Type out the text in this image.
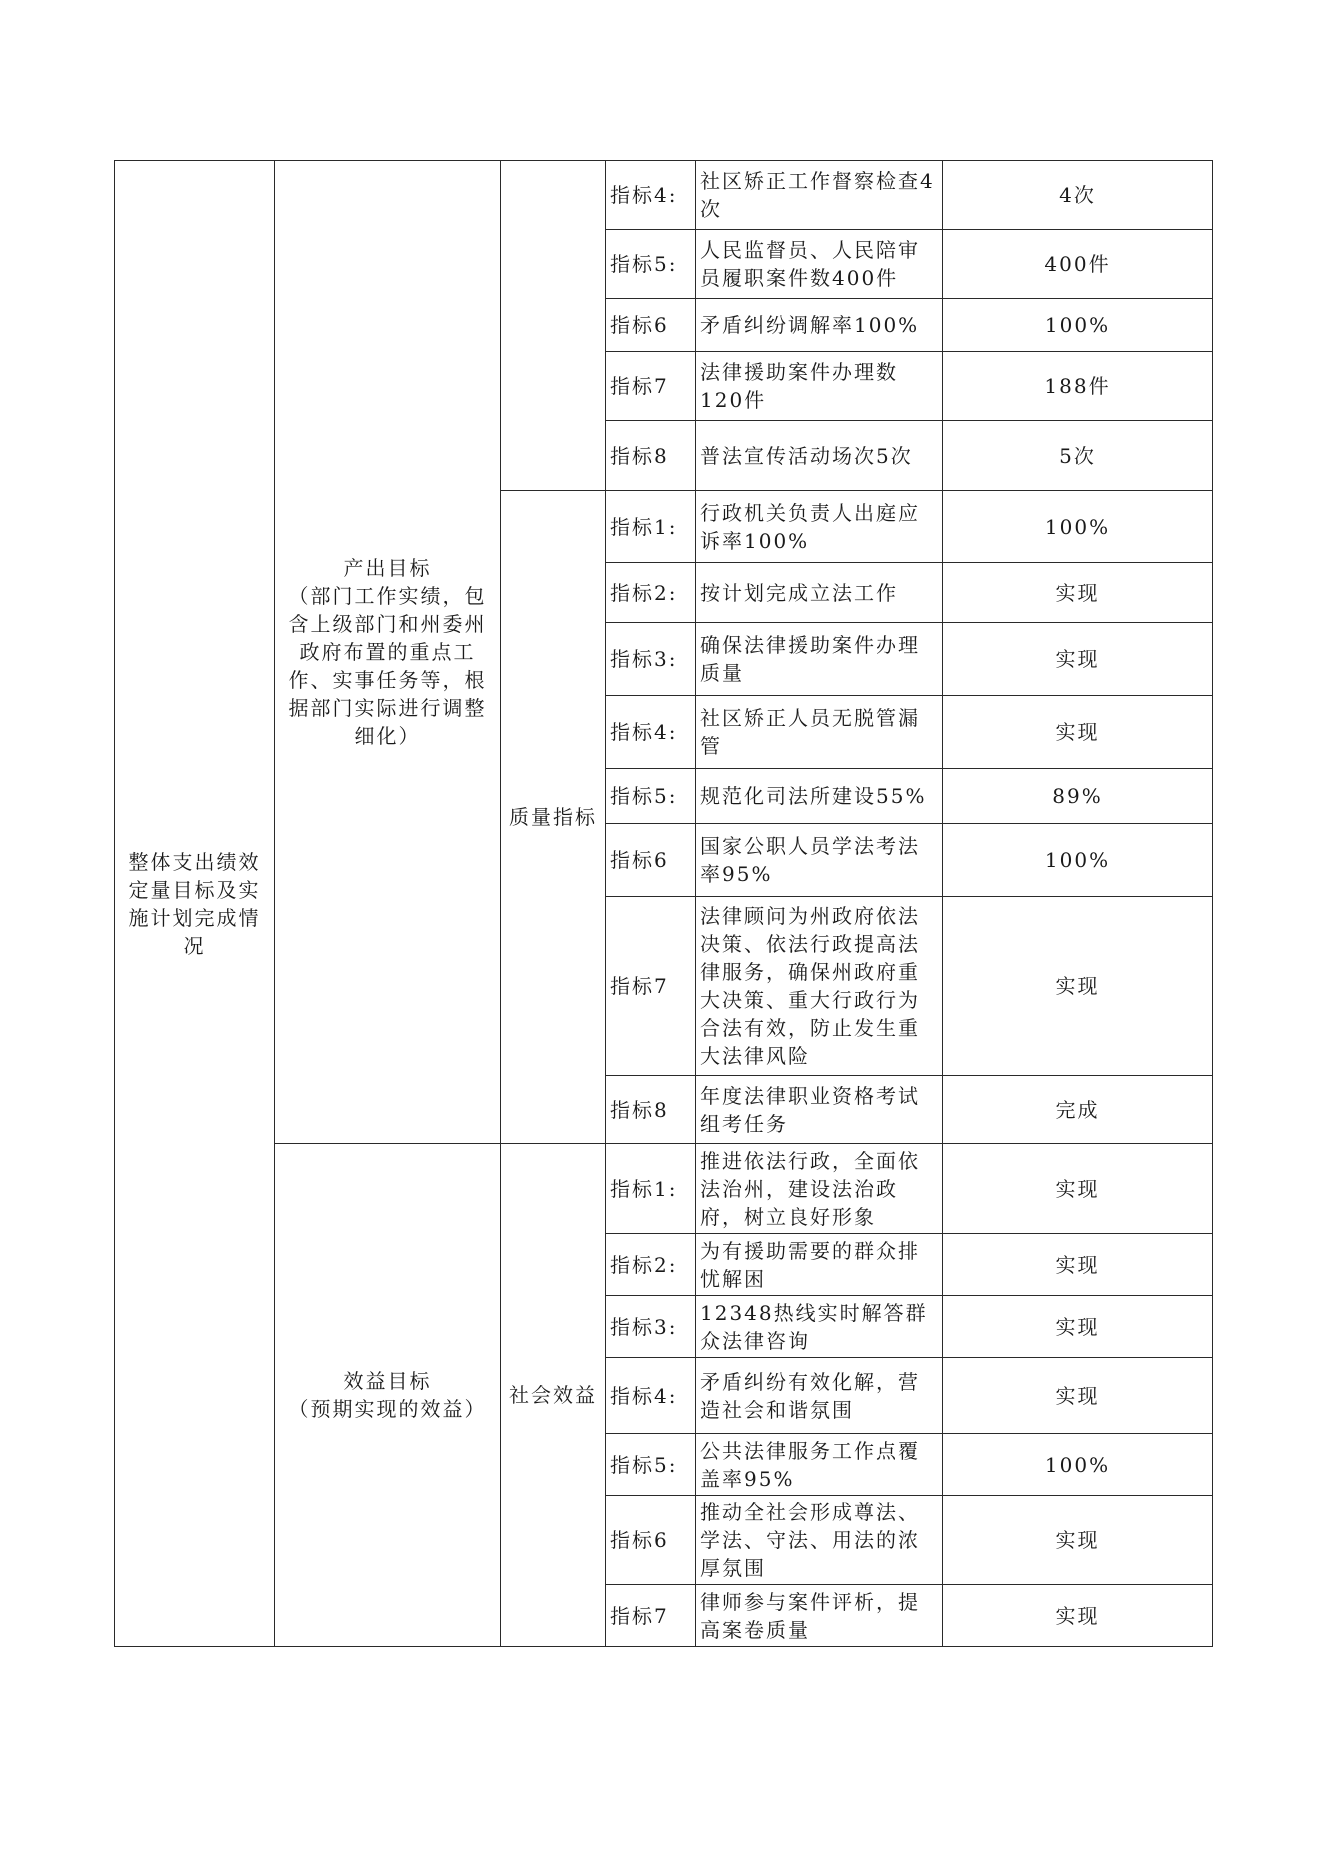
整体支出绩效定量目标及实施计划完成情况	产出目标
（部门工作实绩，包含上级部门和州委州政府布置的重点工作、实事任务等，根据部门实际进行调整细化）		指标4:	社区矫正工作督察检查4次	4次
			指标5:	人民监督员、人民陪审员履职案件数400件	400件
			指标6	矛盾纠纷调解率100%	100%
			指标7	法律援助案件办理数120件	188件
			指标8	普法宣传活动场次5次	5次
		质量指标	指标1:	行政机关负责人出庭应诉率100%	100%
			指标2:	按计划完成立法工作	实现
			指标3:	确保法律援助案件办理质量	实现
			指标4:	社区矫正人员无脱管漏管	实现
			指标5:	规范化司法所建设55%	89%
			指标6	国家公职人员学法考法率95%	100%
			指标7	法律顾问为州政府依法决策、依法行政提高法律服务，确保州政府重大决策、重大行政行为合法有效，防止发生重大法律风险	实现
			指标8	年度法律职业资格考试组考任务	完成
	效益目标
（预期实现的效益）	社会效益	指标1:	推进依法行政，全面依法治州，建设法治政府，树立良好形象	实现
			指标2:	为有援助需要的群众排忧解困	实现
			指标3:	12348热线实时解答群众法律咨询	实现
			指标4:	矛盾纠纷有效化解，营造社会和谐氛围	实现
			指标5:	公共法律服务工作点覆盖率95%	100%
			指标6	推动全社会形成尊法、学法、守法、用法的浓厚氛围	实现
			指标7	律师参与案件评析，提高案卷质量	实现
